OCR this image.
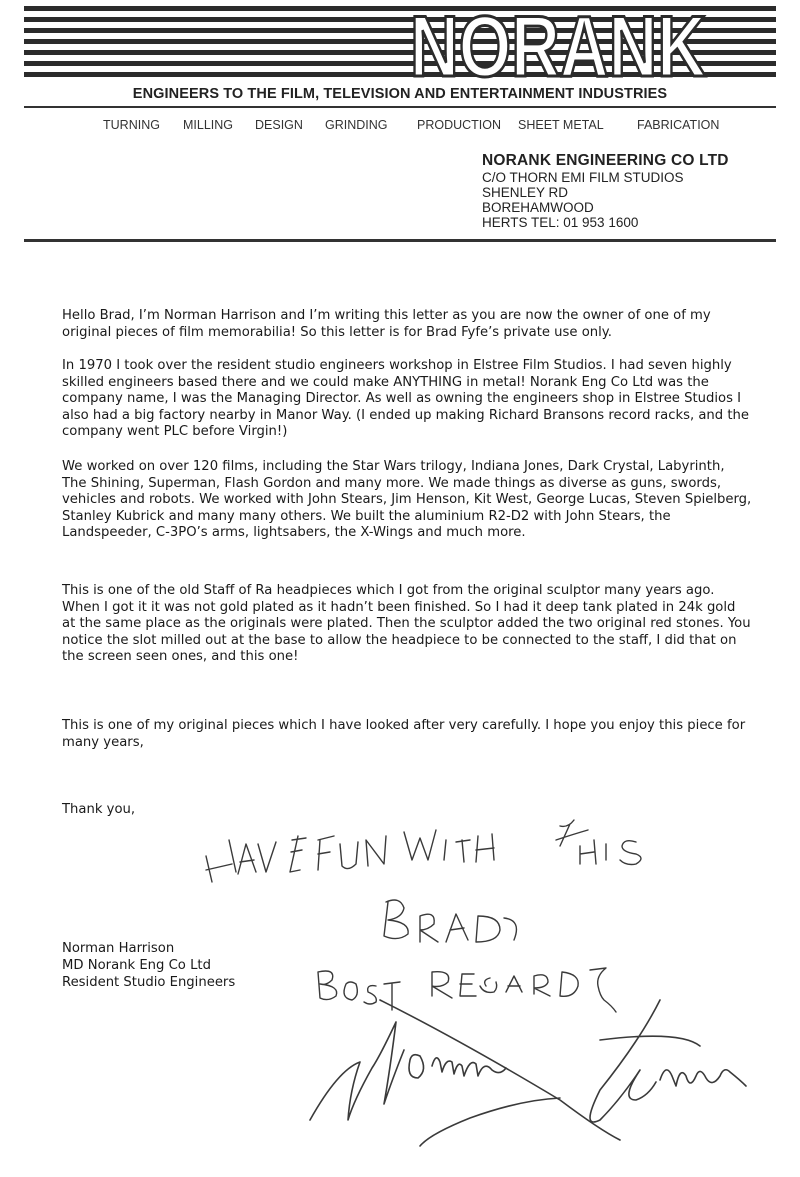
NORANK
ENGINEERS TO THE FILM, TELEVISION AND ENTERTAINMENT INDUSTRIES
TURNING MILLING DESIGN GRINDING PRODUCTION SHEET METAL	FABRICATION
NORANK ENGINEERING CO LTD
C/O THORN EMI FILM STUDIOS
SHENLEY RD
BOREHAMWOOD
HERTS TEL: 01 953 1600

Hello Brad, I’m Norman Harrison and I’m writing this letter as you are now the owner of one of my original pieces of film memorabilia! So this letter is for Brad Fyfe’s private use only.

In 1970 I took over the resident studio engineers workshop in Elstree Film Studios. I had seven highly skilled engineers based there and we could make ANYTHING in metal! Norank Eng Co Ltd was the company name, I was the Managing Director. As well as owning the engineers shop in Elstree Studios I also had a big factory nearby in Manor Way. (I ended up making Richard Bransons record racks, and the company went PLC before Virgin!)

We worked on over 120 films, including the Star Wars trilogy, Indiana Jones, Dark Crystal, Labyrinth, The Shining, Superman, Flash Gordon and many more. We made things as diverse as guns, swords, vehicles and robots. We worked with John Stears, Jim Henson, Kit West, George Lucas, Steven Spielberg, Stanley Kubrick and many many others. We built the aluminium R2-D2 with John Stears, the Landspeeder, C-3PO’s arms, lightsabers, the X-Wings and much more.

This is one of the old Staff of Ra headpieces which I got from the original sculptor many years ago. When I got it it was not gold plated as it hadn’t been finished. So I had it deep tank plated in 24k gold at the same place as the originals were plated. Then the sculptor added the two original red stones. You notice the slot milled out at the base to allow the headpiece to be connected to the staff, I did that on the screen seen ones, and this one!

This is one of my original pieces which I have looked after very carefully. I hope you enjoy this piece for many years,

Thank you,

Norman Harrison
MD Norank Eng Co Ltd
Resident Studio Engineers
